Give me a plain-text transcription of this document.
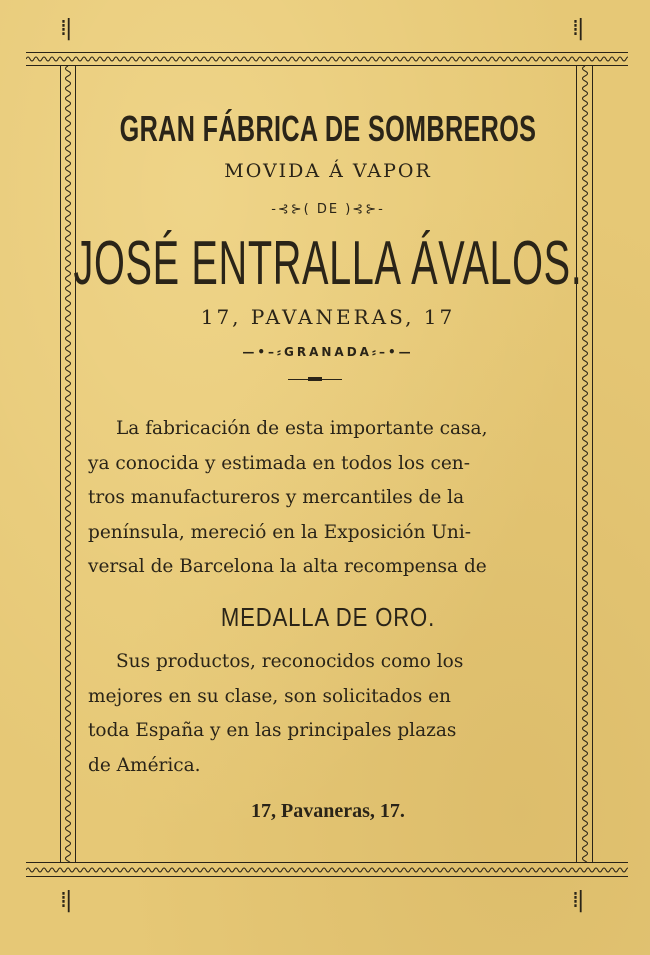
⁞|	⁞|
⁞|	⁞|
GRAN FÁBRICA DE SOMBREROS
MOVIDA Á VAPOR
-⊰⊱( DE )⊰⊱-
JOSÉ ENTRALLA ÁVALOS.
17, PAVANERAS, 17
—•–⸗GRANADA⸗–•—
La fabricación de esta importante casa,
ya conocida y estimada en todos los cen-
tros manufactureros y mercantiles de la
península, mereció en la Exposición Uni-
versal de Barcelona la alta recompensa de
MEDALLA DE ORO.
Sus productos, reconocidos como los
mejores en su clase, son solicitados en
toda España y en las principales plazas
de América.
17, Pavaneras, 17.
